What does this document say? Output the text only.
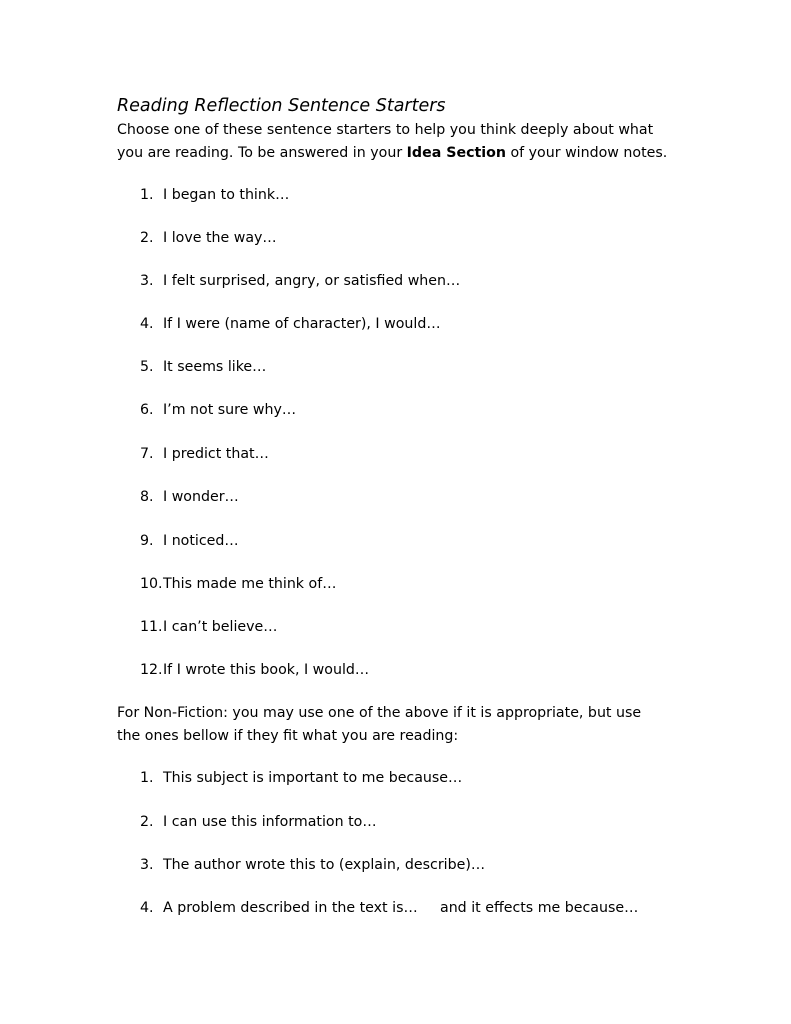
Reading Reflection Sentence Starters
Choose one of these sentence starters to help you think deeply about what
you are reading. To be answered in your Idea Section of your window notes.
1. I began to think…
2. I love the way…
3. I felt surprised, angry, or satisfied when…
4. If I were (name of character), I would…
5. It seems like…
6. I’m not sure why…
7. I predict that…
8. I wonder…
9. I noticed…
10. This made me think of…
11. I can’t believe…
12. If I wrote this book, I would…
For Non-Fiction: you may use one of the above if it is appropriate, but use
the ones bellow if they fit what you are reading:
1. This subject is important to me because…
2. I can use this information to…
3. The author wrote this to (explain, describe)…
4. A problem described in the text is… and it effects me because…
